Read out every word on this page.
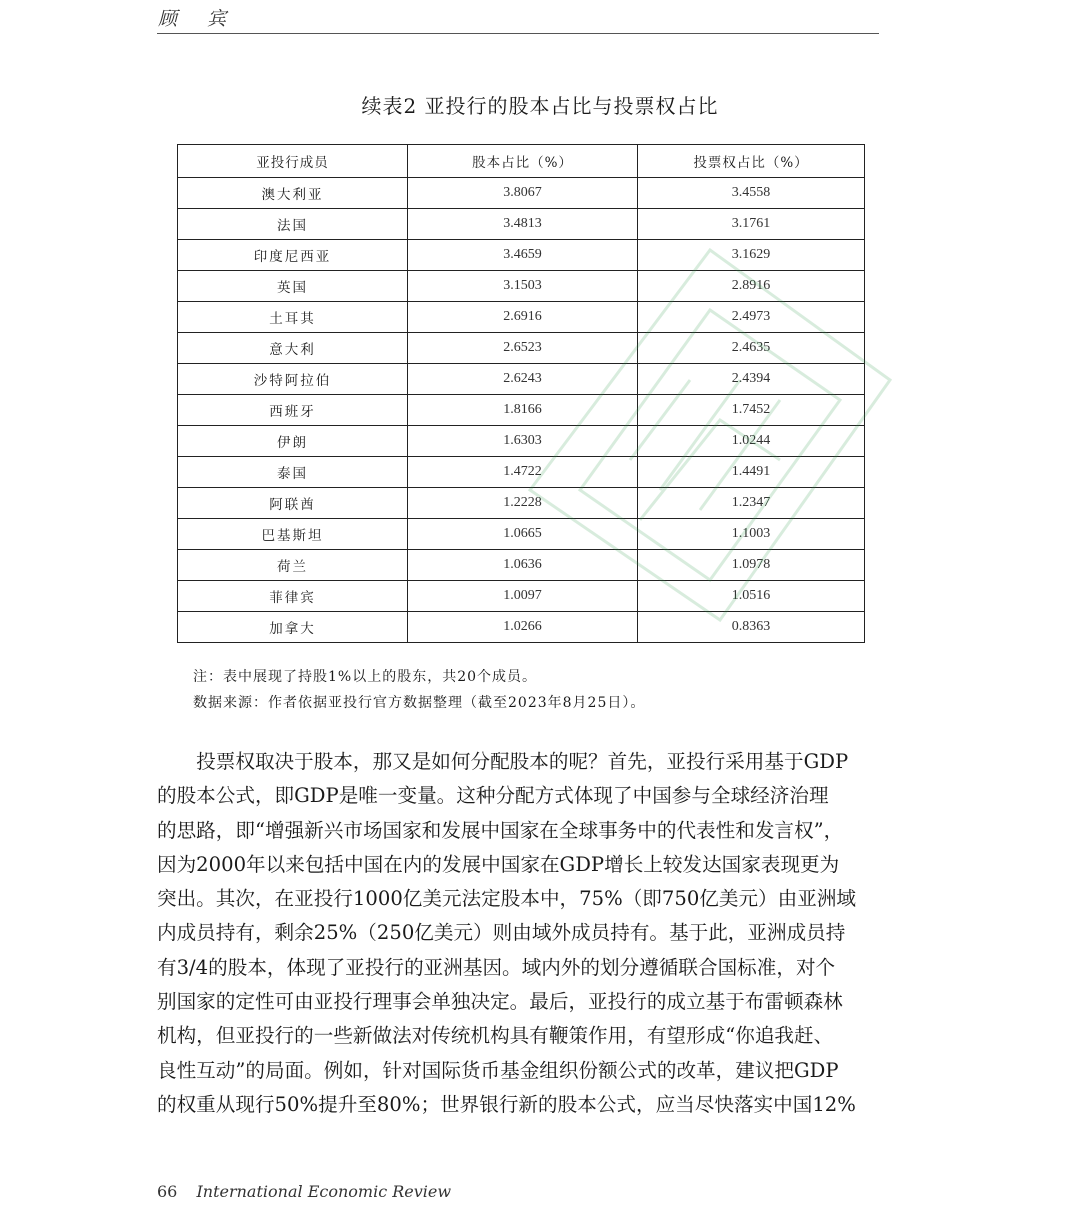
顾 宾
续表2 亚投行的股本占比与投票权占比
亚投行成员	股本占比（%）	投票权占比（%）
澳大利亚	3.8067	3.4558
法国	3.4813	3.1761
印度尼西亚	3.4659	3.1629
英国	3.1503	2.8916
土耳其	2.6916	2.4973
意大利	2.6523	2.4635
沙特阿拉伯	2.6243	2.4394
西班牙	1.8166	1.7452
伊朗	1.6303	1.0244
泰国	1.4722	1.4491
阿联酋	1.2228	1.2347
巴基斯坦	1.0665	1.1003
荷兰	1.0636	1.0978
菲律宾	1.0097	1.0516
加拿大	1.0266	0.8363
注：表中展现了持股1%以上的股东，共20个成员。
数据来源：作者依据亚投行官方数据整理（截至2023年8月25日）。
　　投票权取决于股本，那又是如何分配股本的呢？首先，亚投行采用基于GDP
的股本公式，即GDP是唯一变量。这种分配方式体现了中国参与全球经济治理
的思路，即“增强新兴市场国家和发展中国家在全球事务中的代表性和发言权”，
因为2000年以来包括中国在内的发展中国家在GDP增长上较发达国家表现更为
突出。其次，在亚投行1000亿美元法定股本中，75%（即750亿美元）由亚洲域
内成员持有，剩余25%（250亿美元）则由域外成员持有。基于此，亚洲成员持
有3/4的股本，体现了亚投行的亚洲基因。域内外的划分遵循联合国标准，对个
别国家的定性可由亚投行理事会单独决定。最后，亚投行的成立基于布雷顿森林
机构，但亚投行的一些新做法对传统机构具有鞭策作用，有望形成“你追我赶、
良性互动”的局面。例如，针对国际货币基金组织份额公式的改革，建议把GDP
的权重从现行50%提升至80%；世界银行新的股本公式，应当尽快落实中国12%
66 International Economic Review
